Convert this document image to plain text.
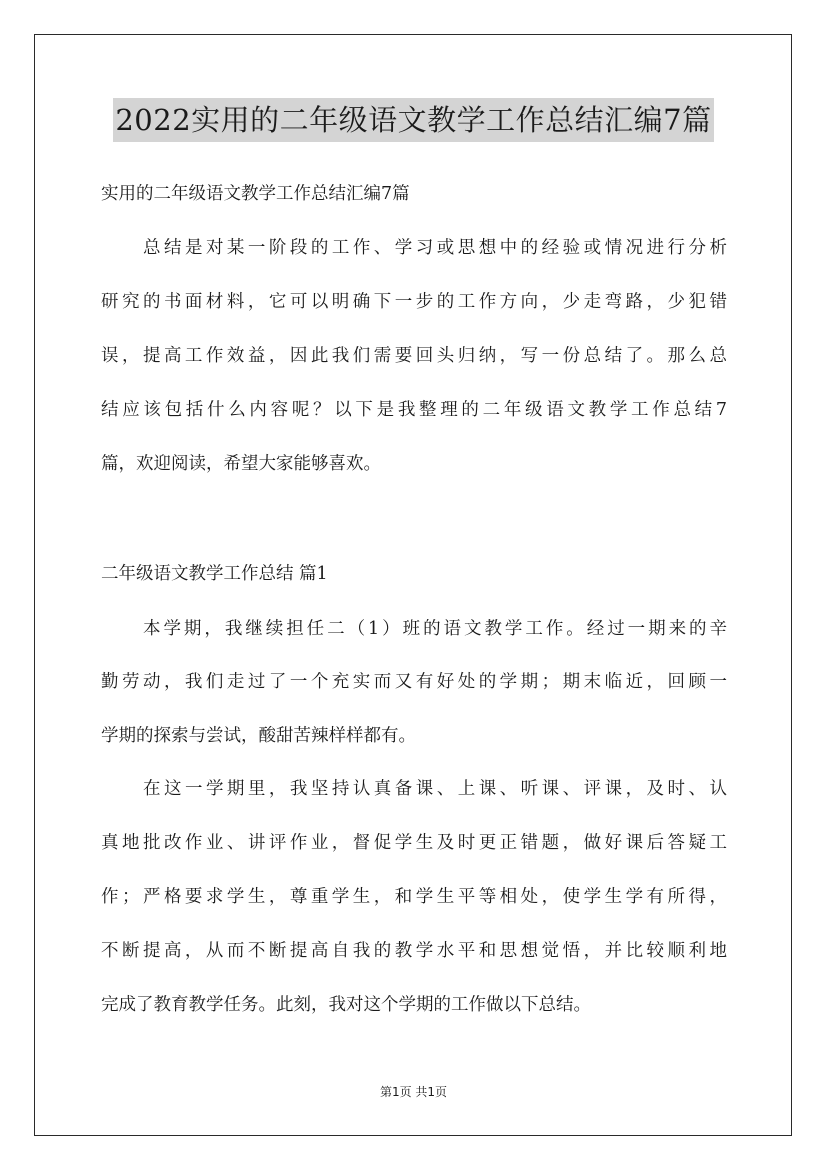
2022实用的二年级语文教学工作总结汇编7篇
实用的二年级语文教学工作总结汇编7篇
总结是对某一阶段的工作、学习或思想中的经验或情况进行分析
研究的书面材料，它可以明确下一步的工作方向，少走弯路，少犯错
误，提高工作效益，因此我们需要回头归纳，写一份总结了。那么总
结应该包括什么内容呢？以下是我整理的二年级语文教学工作总结7
篇，欢迎阅读，希望大家能够喜欢。
二年级语文教学工作总结 篇1
本学期，我继续担任二（1）班的语文教学工作。经过一期来的辛
勤劳动，我们走过了一个充实而又有好处的学期；期末临近，回顾一
学期的探索与尝试，酸甜苦辣样样都有。
在这一学期里，我坚持认真备课、上课、听课、评课，及时、认
真地批改作业、讲评作业，督促学生及时更正错题，做好课后答疑工
作；严格要求学生，尊重学生，和学生平等相处，使学生学有所得，
不断提高，从而不断提高自我的教学水平和思想觉悟，并比较顺利地
完成了教育教学任务。此刻，我对这个学期的工作做以下总结。
第1页 共1页
